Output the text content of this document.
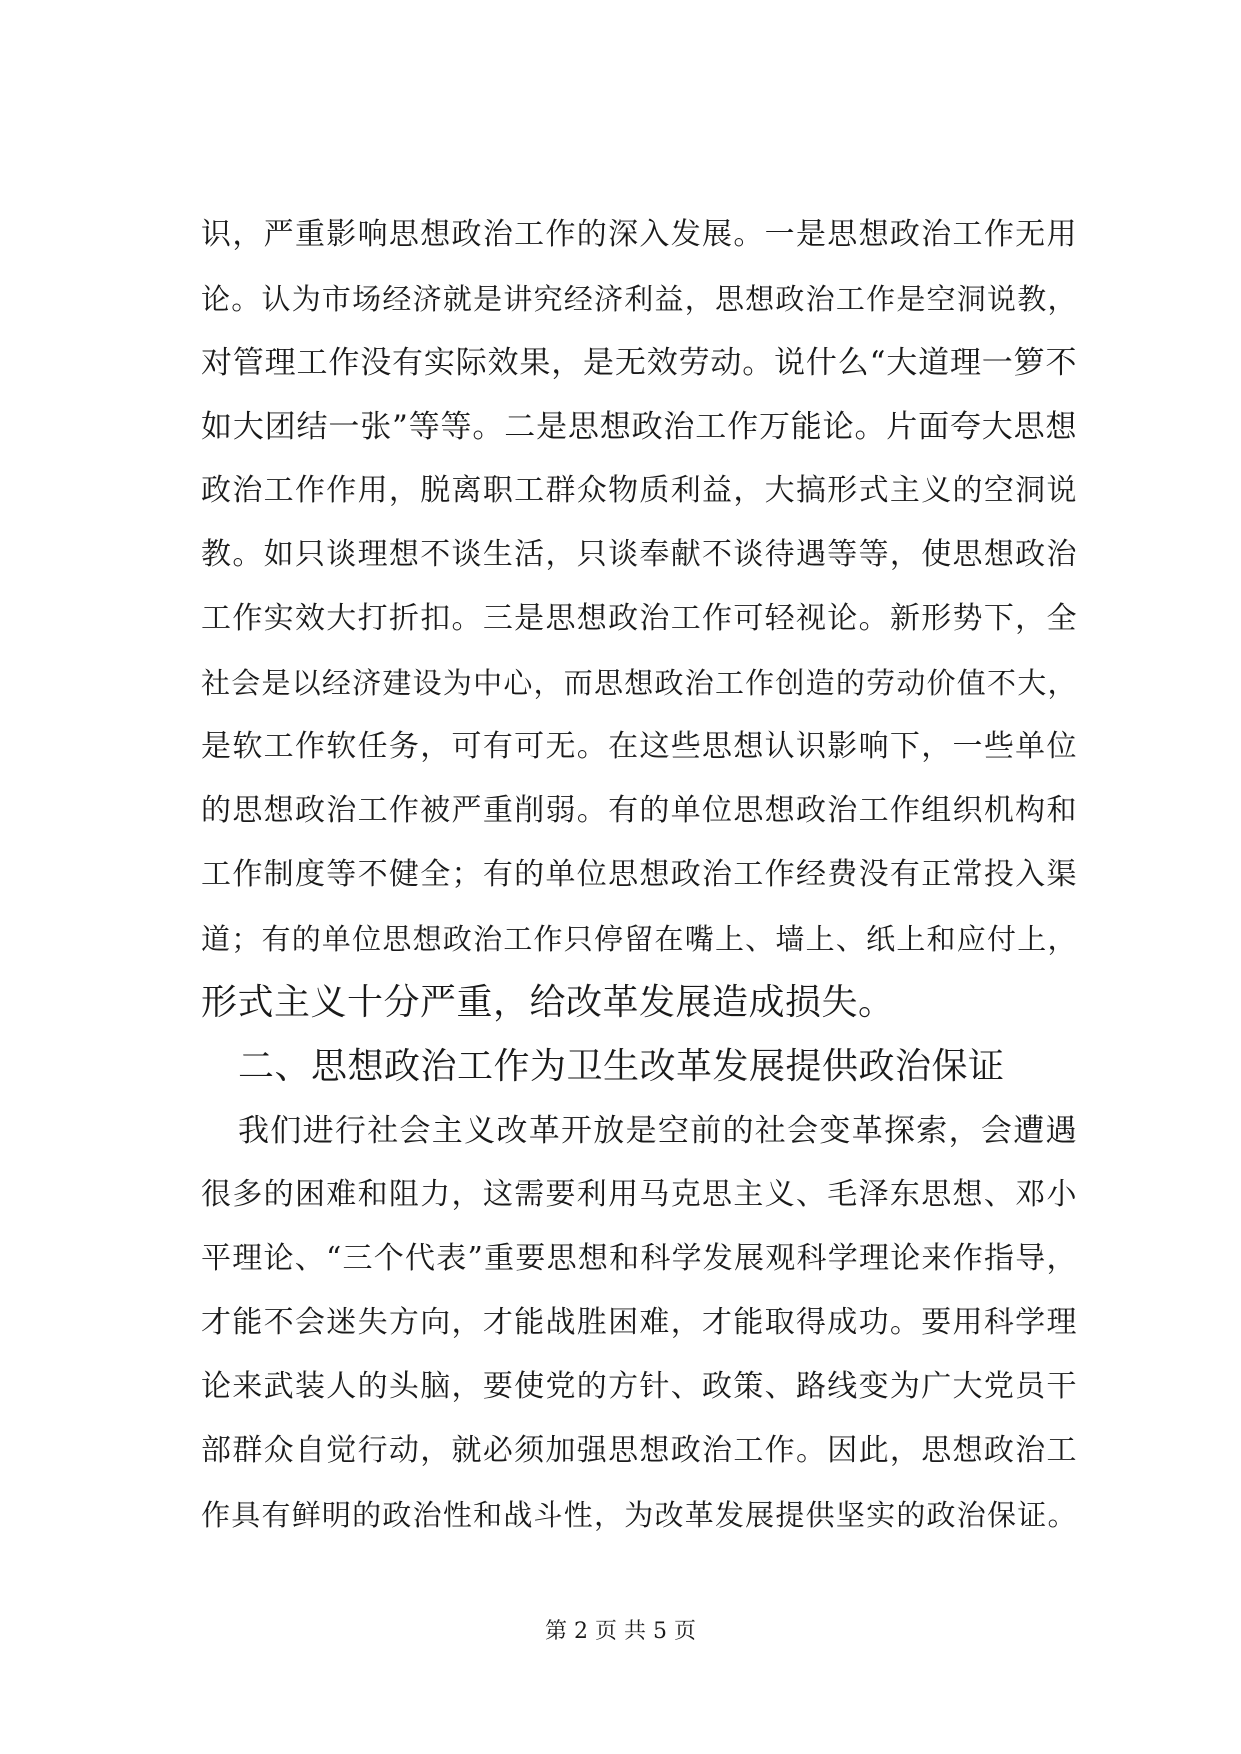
识，严重影响思想政治工作的深入发展。一是思想政治工作无用
论。认为市场经济就是讲究经济利益，思想政治工作是空洞说教，
对管理工作没有实际效果，是无效劳动。说什么“大道理一箩不
如大团结一张”等等。二是思想政治工作万能论。片面夸大思想
政治工作作用，脱离职工群众物质利益，大搞形式主义的空洞说
教。如只谈理想不谈生活，只谈奉献不谈待遇等等，使思想政治
工作实效大打折扣。三是思想政治工作可轻视论。新形势下，全
社会是以经济建设为中心，而思想政治工作创造的劳动价值不大，
是软工作软任务，可有可无。在这些思想认识影响下，一些单位
的思想政治工作被严重削弱。有的单位思想政治工作组织机构和
工作制度等不健全；有的单位思想政治工作经费没有正常投入渠
道；有的单位思想政治工作只停留在嘴上、墙上、纸上和应付上，
形式主义十分严重，给改革发展造成损失。
二、思想政治工作为卫生改革发展提供政治保证
我们进行社会主义改革开放是空前的社会变革探索，会遭遇
很多的困难和阻力，这需要利用马克思主义、毛泽东思想、邓小
平理论、“三个代表”重要思想和科学发展观科学理论来作指导，
才能不会迷失方向，才能战胜困难，才能取得成功。要用科学理
论来武装人的头脑，要使党的方针、政策、路线变为广大党员干
部群众自觉行动，就必须加强思想政治工作。因此，思想政治工
作具有鲜明的政治性和战斗性，为改革发展提供坚实的政治保证。
第 2 页 共 5 页
